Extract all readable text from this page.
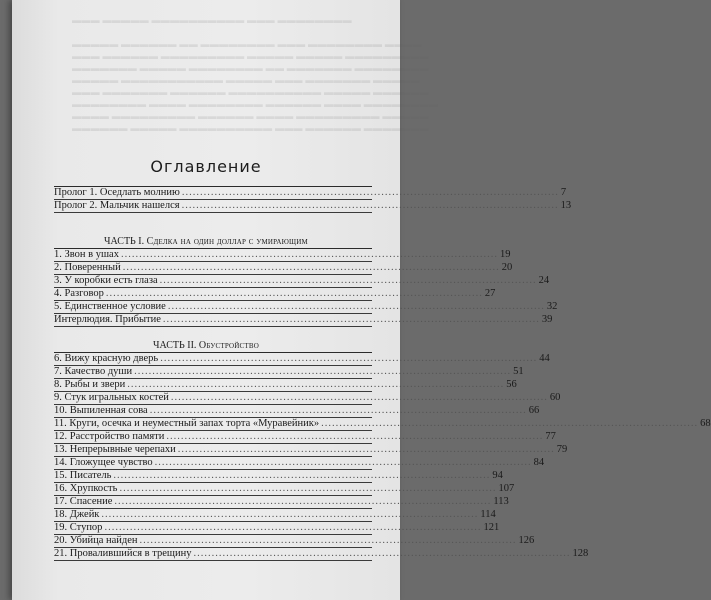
▬▬▬ ▬▬▬▬▬ ▬▬▬▬▬▬▬▬▬▬ ▬▬▬ ▬▬▬▬▬▬▬▬

▬▬▬▬▬ ▬▬▬▬▬▬ ▬▬ ▬▬▬▬▬▬▬▬ ▬▬▬ ▬▬▬▬▬▬▬▬ ▬▬▬▬
▬▬▬ ▬▬▬▬▬▬ ▬▬▬▬▬▬▬▬▬ ▬▬▬▬▬ ▬▬▬▬▬ ▬▬▬▬▬▬▬▬▬
▬▬▬▬▬▬▬ ▬▬▬▬▬ ▬▬▬▬▬▬▬▬ ▬▬ ▬▬▬▬▬▬▬ ▬▬▬▬▬▬▬▬
▬▬▬▬▬ ▬▬▬▬▬▬▬▬▬▬▬ ▬▬▬▬▬ ▬▬▬ ▬▬▬▬▬▬▬ ▬▬▬▬▬
▬▬▬ ▬▬▬▬▬▬▬ ▬▬▬▬▬▬ ▬▬▬▬▬▬▬▬▬▬ ▬▬▬▬▬ ▬▬▬▬▬▬
▬▬▬▬▬▬▬▬ ▬▬▬▬ ▬▬▬▬▬▬▬▬ ▬▬▬▬▬▬ ▬▬▬▬ ▬▬▬▬▬▬▬▬
▬▬▬▬ ▬▬▬▬▬▬▬▬▬ ▬▬▬▬▬▬ ▬▬▬▬ ▬▬▬▬▬▬▬▬▬ ▬▬▬▬▬
▬▬▬▬▬▬ ▬▬▬▬▬ ▬▬▬▬▬▬▬▬▬▬ ▬▬▬ ▬▬▬▬▬▬ ▬▬▬▬▬▬▬
Оглавление
Пролог 1. Оседлать молнию .....	7
Пролог 2. Мальчик нашелся .....	13
ЧАСТЬ I. Сделка на один доллар с умирающим
1. Звон в ушах .....	19
2. Поверенный .....	20
3. У коробки есть глаза .....	24
4. Разговор .....	27
5. Единственное условие .....	32
Интерлюдия. Прибытие .....	39
ЧАСТЬ II. Обустройство
6. Вижу красную дверь .....	44
7. Качество души .....	51
8. Рыбы и звери .....	56
9. Стук игральных костей .....	60
10. Выпиленная сова .....	66
11. Круги, осечка и неуместный запах торта «Муравейник» .....	68
12. Расстройство памяти .....	77
13. Непрерывные черепахи .....	79
14. Гложущее чувство .....	84
15. Писатель .....	94
16. Хрупкость .....	107
17. Спасение .....	113
18. Джейк .....	114
19. Ступор .....	121
20. Убийца найден .....	126
21. Провалившийся в трещину .....	128
